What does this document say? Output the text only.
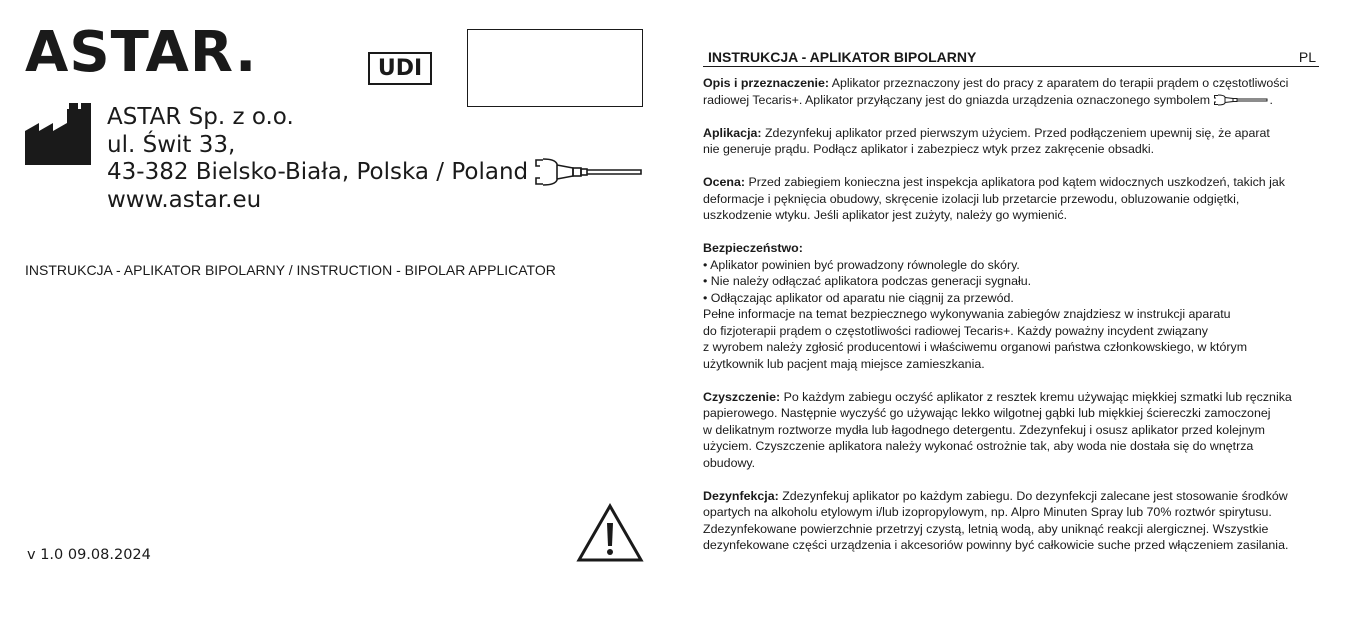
ASTAR.	UDI
ASTAR Sp. z o.o.
ul. Świt 33,
43-382 Bielsko-Biała, Polska / Poland
www.astar.eu
INSTRUKCJA - APLIKATOR BIPOLARNY / INSTRUCTION - BIPOLAR APPLICATOR
v 1.0 09.08.2024
INSTRUKCJA - APLIKATOR BIPOLARNY	PL
Opis i przeznaczenie: Aplikator przeznaczony jest do pracy z aparatem do terapii prądem o częstotliwości
radiowej Tecaris+. Aplikator przyłączany jest do gniazda urządzenia oznaczonego symbolem	.
Aplikacja: Zdezynfekuj aplikator przed pierwszym użyciem. Przed podłączeniem upewnij się, że aparat
nie generuje prądu. Podłącz aplikator i zabezpiecz wtyk przez zakręcenie obsadki.
Ocena: Przed zabiegiem konieczna jest inspekcja aplikatora pod kątem widocznych uszkodzeń, takich jak
deformacje i pęknięcia obudowy, skręcenie izolacji lub przetarcie przewodu, obluzowanie odgiętki,
uszkodzenie wtyku. Jeśli aplikator jest zużyty, należy go wymienić.
Bezpieczeństwo:
• Aplikator powinien być prowadzony równolegle do skóry.
• Nie należy odłączać aplikatora podczas generacji sygnału.
• Odłączając aplikator od aparatu nie ciągnij za przewód.
Pełne informacje na temat bezpiecznego wykonywania zabiegów znajdziesz w instrukcji aparatu
do fizjoterapii prądem o częstotliwości radiowej Tecaris+. Każdy poważny incydent związany
z wyrobem należy zgłosić producentowi i właściwemu organowi państwa członkowskiego, w którym
użytkownik lub pacjent mają miejsce zamieszkania.
Czyszczenie: Po każdym zabiegu oczyść aplikator z resztek kremu używając miękkiej szmatki lub ręcznika
papierowego. Następnie wyczyść go używając lekko wilgotnej gąbki lub miękkiej ściereczki zamoczonej
w delikatnym roztworze mydła lub łagodnego detergentu. Zdezynfekuj i osusz aplikator przed kolejnym
użyciem. Czyszczenie aplikatora należy wykonać ostrożnie tak, aby woda nie dostała się do wnętrza
obudowy.
Dezynfekcja: Zdezynfekuj aplikator po każdym zabiegu. Do dezynfekcji zalecane jest stosowanie środków
opartych na alkoholu etylowym i/lub izopropylowym, np. Alpro Minuten Spray lub 70% roztwór spirytusu.
Zdezynfekowane powierzchnie przetrzyj czystą, letnią wodą, aby uniknąć reakcji alergicznej. Wszystkie
dezynfekowane części urządzenia i akcesoriów powinny być całkowicie suche przed włączeniem zasilania.
